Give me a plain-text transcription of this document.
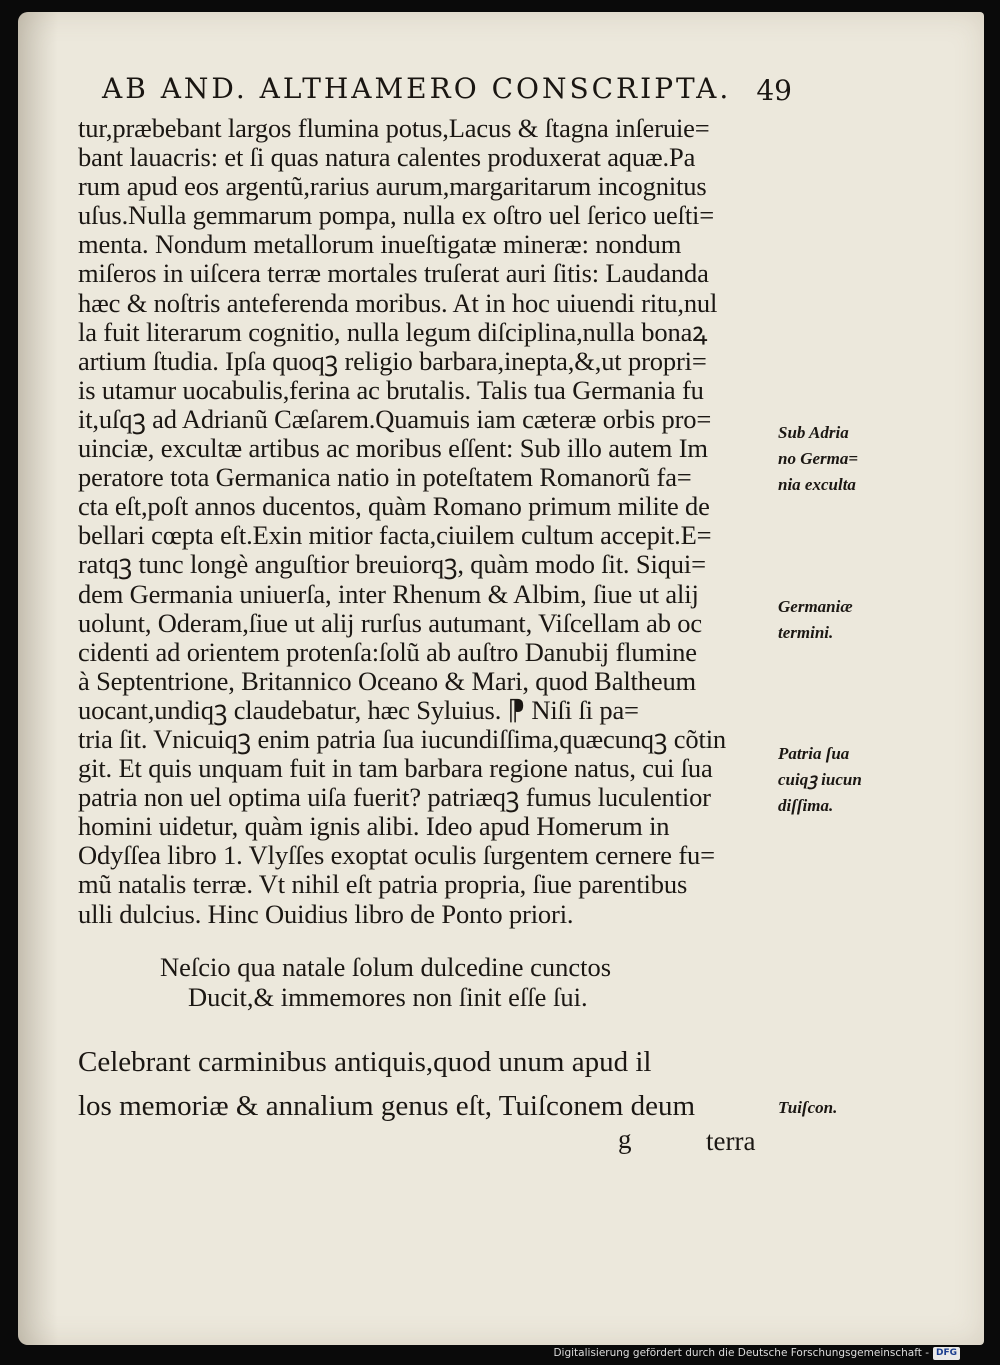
AB AND. ALTHAMERO CONSCRIPTA. 49
tur,præbebant largos flumina potus,Lacus & ſtagna inſeruie=
bant lauacris: et ſi quas natura calentes produxerat aquæ.Pa
rum apud eos argentũ,rarius aurum,margaritarum incognitus
uſus.Nulla gemmarum pompa, nulla ex oſtro uel ſerico ueſti=
menta. Nondum metallorum inueſtigatæ mineræ: nondum
miſeros in uiſcera terræ mortales truſerat auri ſitis: Laudanda
hæc & noſtris anteferenda moribus. At in hoc uiuendi ritu,nul
la fuit literarum cognitio, nulla legum diſciplina,nulla bonaꝝ
artium ſtudia. Ipſa quoqꝫ religio barbara,inepta,&,ut propri=
is utamur uocabulis,ferina ac brutalis. Talis tua Germania fu
it,uſqꝫ ad Adrianũ Cæſarem.Quamuis iam cæteræ orbis pro=
uinciæ, excultæ artibus ac moribus eſſent: Sub illo autem Im
peratore tota Germanica natio in poteſtatem Romanorũ fa=
cta eſt,poſt annos ducentos, quàm Romano primum milite de
bellari cœpta eſt.Exin mitior facta,ciuilem cultum accepit.E=
ratqꝫ tunc longè anguſtior breuiorqꝫ, quàm modo ſit. Siqui=
dem Germania uniuerſa, inter Rhenum & Albim, ſiue ut alij
uolunt, Oderam,ſiue ut alij rurſus autumant, Viſcellam ab oc
cidenti ad orientem protenſa:ſolũ ab auſtro Danubij flumine
à Septentrione, Britannico Oceano & Mari, quod Baltheum
uocant,undiqꝫ claudebatur, hæc Syluius. ⁋ Niſi ſi pa=
tria ſit. Vnicuiqꝫ enim patria ſua iucundiſſima,quæcunqꝫ cõtin
git. Et quis unquam fuit in tam barbara regione natus, cui ſua
patria non uel optima uiſa fuerit? patriæqꝫ fumus luculentior
homini uidetur, quàm ignis alibi. Ideo apud Homerum in
Odyſſea libro 1. Vlyſſes exoptat oculis ſurgentem cernere fu=
mũ natalis terræ. Vt nihil eſt patria propria, ſiue parentibus
ulli dulcius. Hinc Ouidius libro de Ponto priori.
Neſcio qua natale ſolum dulcedine cunctos
Ducit,& immemores non ſinit eſſe ſui.
Celebrant carminibus antiquis,quod unum apud il
los memoriæ & annalium genus eſt, Tuiſconem deum
g	terra
Sub Adria
no Germa=
nia exculta
Germaniæ
termini.
Patria ſua
cuiqꝫ iucun
diſſima.
Tuiſcon.
Digitalisierung gefördert durch die Deutsche Forschungsgemeinschaft - DFG
